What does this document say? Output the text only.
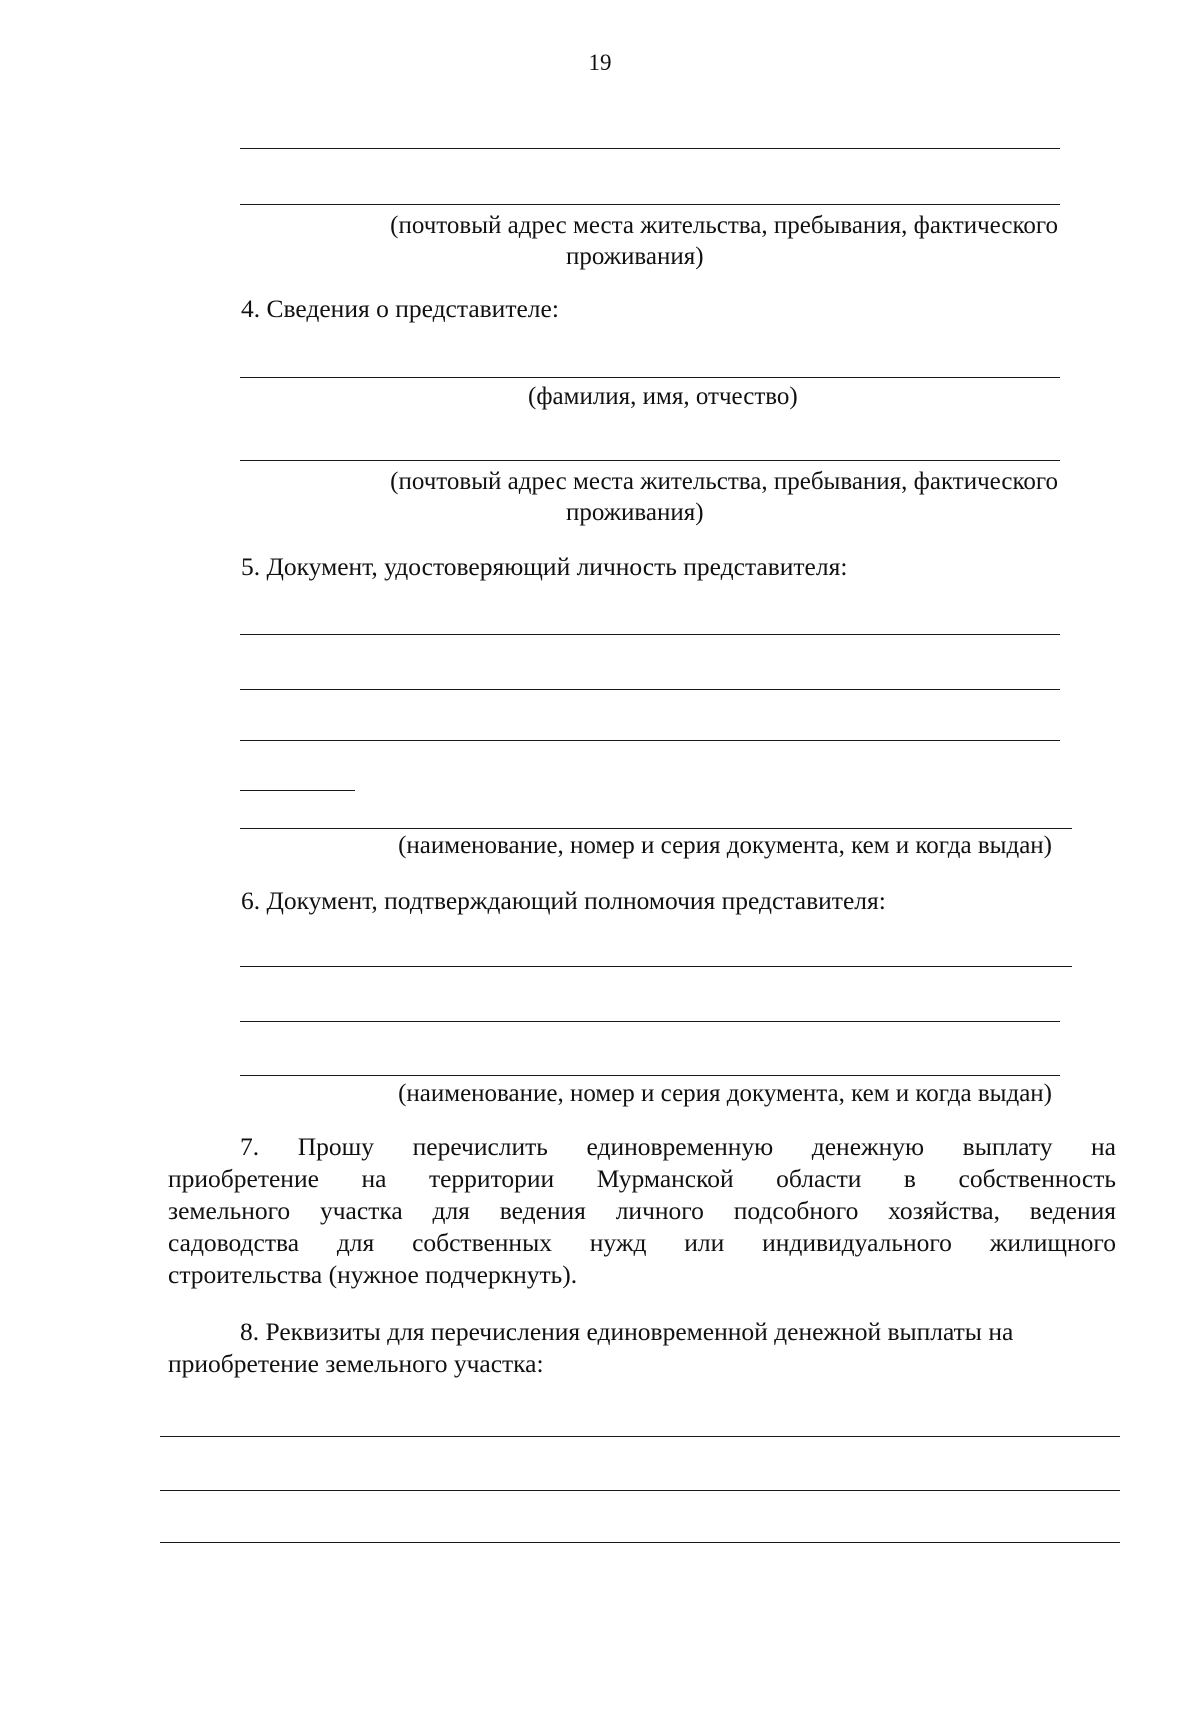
19
(почтовый адрес места жительства, пребывания, фактического
проживания)
4. Сведения о представителе:
(фамилия, имя, отчество)
(почтовый адрес места жительства, пребывания, фактического
проживания)
5. Документ, удостоверяющий личность представителя:
(наименование, номер и серия документа, кем и когда выдан)
6. Документ, подтверждающий полномочия представителя:
(наименование, номер и серия документа, кем и когда выдан)
7. Прошу перечислить единовременную денежную выплату на
приобретение на территории Мурманской области в собственность
земельного участка для ведения личного подсобного хозяйства, ведения
садоводства для собственных нужд или индивидуального жилищного
строительства (нужное подчеркнуть).
8. Реквизиты для перечисления единовременной денежной выплаты на
приобретение земельного участка:
